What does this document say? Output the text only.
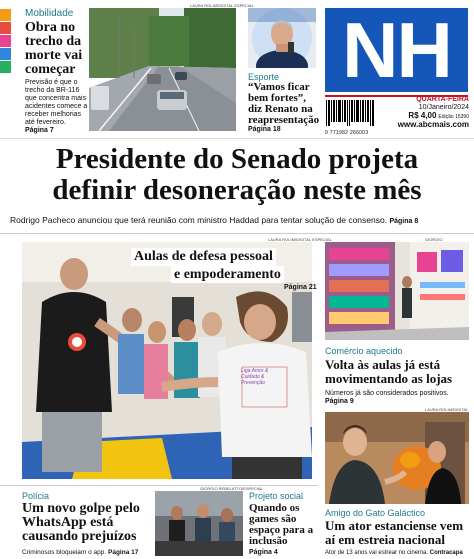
Mobilidade
Obra no trecho da morte vai começar
Previsão é que o trecho da BR-116 que concentra mais acidentes comece a receber melhorias até fevereiro. Página 7
LAURA ROLIM/DIGITAL ESPECIAL
Esporte
“Vamos ficar bem fortes”, diz Renato na reapresentação
Página 18
NH
9 771982 266003
QUARTA-FEIRA
10/Janeiro/2024
R$ 4,00 Edição 15390
www.abcmais.com
Presidente do Senado projeta
definir desoneração neste mês
Rodrigo Pacheco anunciou que terá reunião com ministro Haddad para tentar solução de consenso. Página 8
LAURA ROLIM/DIGITAL ESPECIAL
Liga Amor & Cuidado & Prevenção
Aulas de defesa pessoal
e empoderamento
Página 21
GIORGIO
Comércio aquecido
Volta às aulas já está movimentando as lojas
Números já são considerados positivos. Página 9
LAURA ROLIM/DIGITAL
Amigo do Gato Galáctico
Um ator estanciense vem aí em estreia nacional
Ator de 13 anos vai estrear no cinema. Contracapa
Polícia
Um novo golpe pelo WhatsApp está causando prejuízos
Criminosos bloqueiam o app. Página 17
GIORGIO REBELATTO/ESPECIAL
Projeto social
Quando os games são espaço para a inclusão
Página 4
